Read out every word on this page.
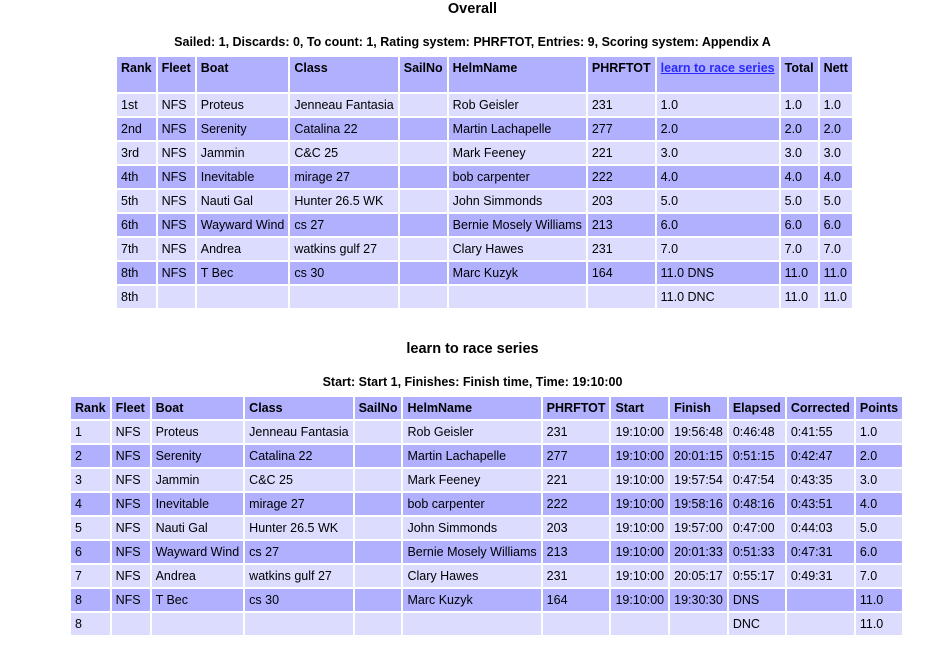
Overall

Sailed: 1, Discards: 0, To count: 1, Rating system: PHRFTOT, Entries: 9, Scoring system: Appendix A

Rank	Fleet	Boat	Class	SailNo	HelmName	PHRFTOT	learn to race series	Total	Nett
1st	NFS	Proteus	Jenneau Fantasia		Rob Geisler	231	1.0	1.0	1.0
2nd	NFS	Serenity	Catalina 22		Martin Lachapelle	277	2.0	2.0	2.0
3rd	NFS	Jammin	C&C 25		Mark Feeney	221	3.0	3.0	3.0
4th	NFS	Inevitable	mirage 27		bob carpenter	222	4.0	4.0	4.0
5th	NFS	Nauti Gal	Hunter 26.5 WK		John Simmonds	203	5.0	5.0	5.0
6th	NFS	Wayward Wind	cs 27		Bernie Mosely Williams	213	6.0	6.0	6.0
7th	NFS	Andrea	watkins gulf 27		Clary Hawes	231	7.0	7.0	7.0
8th	NFS	T Bec	cs 30		Marc Kuzyk	164	11.0 DNS	11.0	11.0
8th							11.0 DNC	11.0	11.0
learn to race series

Start: Start 1, Finishes: Finish time, Time: 19:10:00

Rank	Fleet	Boat	Class	SailNo	HelmName	PHRFTOT	Start	Finish	Elapsed	Corrected	Points
1	NFS	Proteus	Jenneau Fantasia		Rob Geisler	231	19:10:00	19:56:48	0:46:48	0:41:55	1.0
2	NFS	Serenity	Catalina 22		Martin Lachapelle	277	19:10:00	20:01:15	0:51:15	0:42:47	2.0
3	NFS	Jammin	C&C 25		Mark Feeney	221	19:10:00	19:57:54	0:47:54	0:43:35	3.0
4	NFS	Inevitable	mirage 27		bob carpenter	222	19:10:00	19:58:16	0:48:16	0:43:51	4.0
5	NFS	Nauti Gal	Hunter 26.5 WK		John Simmonds	203	19:10:00	19:57:00	0:47:00	0:44:03	5.0
6	NFS	Wayward Wind	cs 27		Bernie Mosely Williams	213	19:10:00	20:01:33	0:51:33	0:47:31	6.0
7	NFS	Andrea	watkins gulf 27		Clary Hawes	231	19:10:00	20:05:17	0:55:17	0:49:31	7.0
8	NFS	T Bec	cs 30		Marc Kuzyk	164	19:10:00	19:30:30	DNS		11.0
8									DNC		11.0
